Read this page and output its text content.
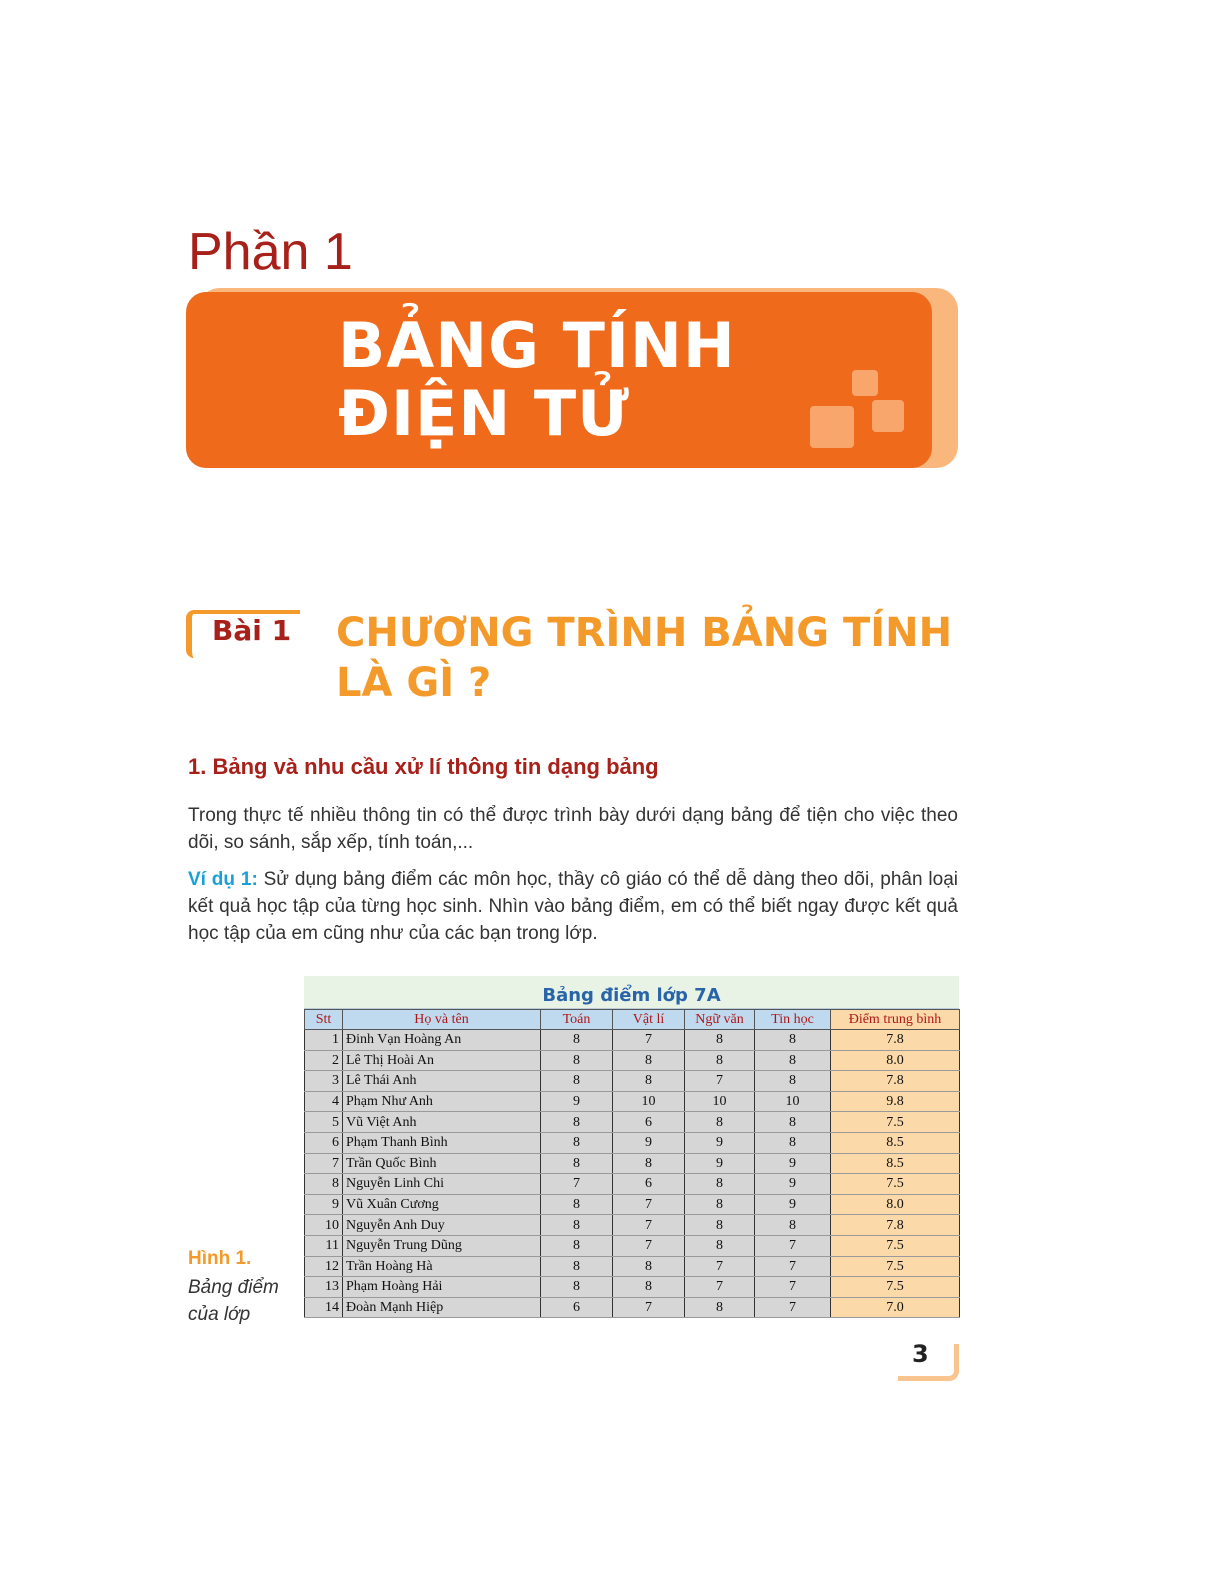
Phần 1
BẢNG TÍNH
ĐIỆN TỬ
Bài 1 CHƯƠNG TRÌNH BẢNG TÍNH
LÀ GÌ ?
1. Bảng và nhu cầu xử lí thông tin dạng bảng
Trong thực tế nhiều thông tin có thể được trình bày dưới dạng bảng để tiện cho việc theo dõi, so sánh, sắp xếp, tính toán,...
Ví dụ 1: Sử dụng bảng điểm các môn học, thầy cô giáo có thể dễ dàng theo dõi, phân loại kết quả học tập của từng học sinh. Nhìn vào bảng điểm, em có thể biết ngay được kết quả học tập của em cũng như của các bạn trong lớp.
Bảng điểm lớp 7A
Stt	Họ và tên	Toán	Vật lí	Ngữ văn	Tin học	Điểm trung bình
1	Đinh Vạn Hoàng An	8	7	8	8	7.8
2	Lê Thị Hoài An	8	8	8	8	8.0
3	Lê Thái Anh	8	8	7	8	7.8
4	Phạm Như Anh	9	10	10	10	9.8
5	Vũ Việt Anh	8	6	8	8	7.5
6	Phạm Thanh Bình	8	9	9	8	8.5
7	Trần Quốc Bình	8	8	9	9	8.5
8	Nguyễn Linh Chi	7	6	8	9	7.5
9	Vũ Xuân Cương	8	7	8	9	8.0
10	Nguyễn Anh Duy	8	7	8	8	7.8
11	Nguyễn Trung Dũng	8	7	8	7	7.5
12	Trần Hoàng Hà	8	8	7	7	7.5
13	Phạm Hoàng Hải	8	8	7	7	7.5
14	Đoàn Mạnh Hiệp	6	7	8	7	7.0
Hình 1.
Bảng điểm của lớp
3
